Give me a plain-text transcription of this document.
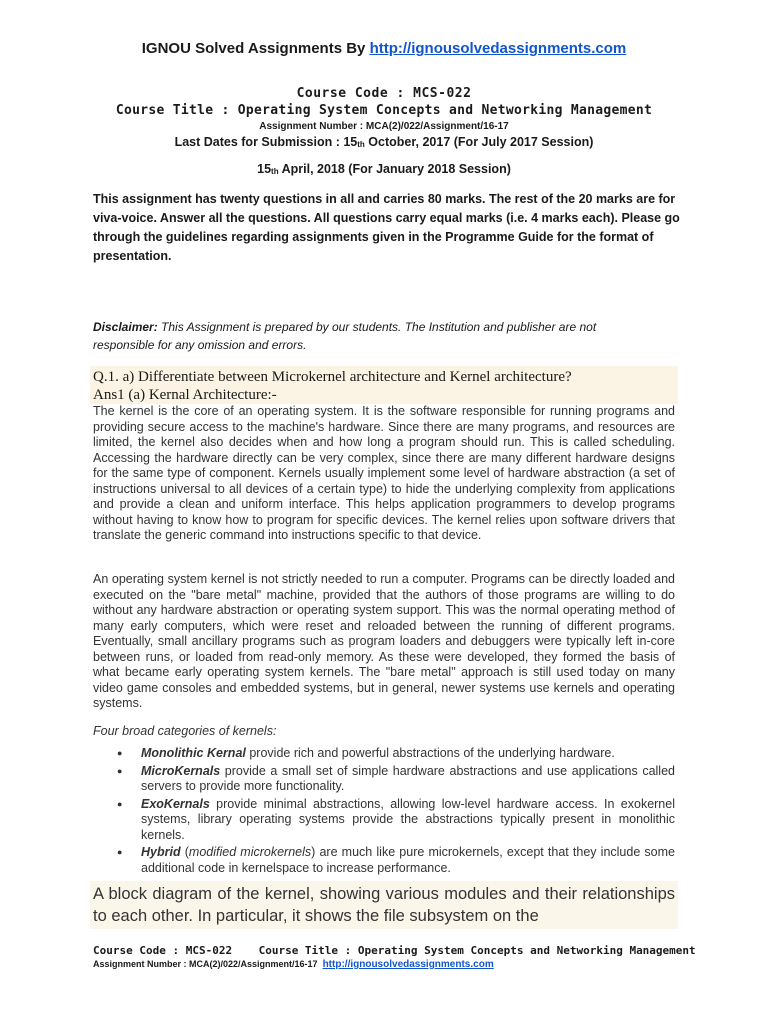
IGNOU Solved Assignments By http://ignousolvedassignments.com
Course Code : MCS-022
Course Title : Operating System Concepts and Networking Management
Assignment Number : MCA(2)/022/Assignment/16-17
Last Dates for Submission : $15_{th}$ October, 2017 (For July 2017 Session)
$15_{th}$ April, 2018 (For January 2018 Session)
This assignment has twenty questions in all and carries 80 marks. The rest of the 20 marks are for viva-voice. Answer all the questions. All questions carry equal marks (i.e. 4 marks each). Please go through the guidelines regarding assignments given in the Programme Guide for the format of presentation.
Disclaimer: This Assignment is prepared by our students. The Institution and publisher are not responsible for any omission and errors.
Q.1. a) Differentiate between Microkernel architecture and Kernel architecture?
Ans1 (a) Kernal Architecture:-
The kernel is the core of an operating system. It is the software responsible for running programs and providing secure access to the machine's hardware. Since there are many programs, and resources are limited, the kernel also decides when and how long a program should run. This is called scheduling. Accessing the hardware directly can be very complex, since there are many different hardware designs for the same type of component. Kernels usually implement some level of hardware abstraction (a set of instructions universal to all devices of a certain type) to hide the underlying complexity from applications and provide a clean and uniform interface. This helps application programmers to develop programs without having to know how to program for specific devices. The kernel relies upon software drivers that translate the generic command into instructions specific to that device.
An operating system kernel is not strictly needed to run a computer. Programs can be directly loaded and executed on the "bare metal" machine, provided that the authors of those programs are willing to do without any hardware abstraction or operating system support. This was the normal operating method of many early computers, which were reset and reloaded between the running of different programs. Eventually, small ancillary programs such as program loaders and debuggers were typically left in-core between runs, or loaded from read-only memory. As these were developed, they formed the basis of what became early operating system kernels. The "bare metal" approach is still used today on many video game consoles and embedded systems, but in general, newer systems use kernels and operating systems.
Four broad categories of kernels:
● Monolithic Kernal provide rich and powerful abstractions of the underlying hardware.
● MicroKernals provide a small set of simple hardware abstractions and use applications called servers to provide more functionality.
● ExoKernals provide minimal abstractions, allowing low-level hardware access. In exokernel systems, library operating systems provide the abstractions typically present in monolithic kernels.
● Hybrid (modified microkernels) are much like pure microkernels, except that they include some additional code in kernelspace to increase performance.
A block diagram of the kernel, showing various modules and their relationships to each other. In particular, it shows the file subsystem on the
Course Code : MCS-022 Course Title : Operating System Concepts and Networking Management
Assignment Number : MCA(2)/022/Assignment/16-17 http://ignousolvedassignments.com
